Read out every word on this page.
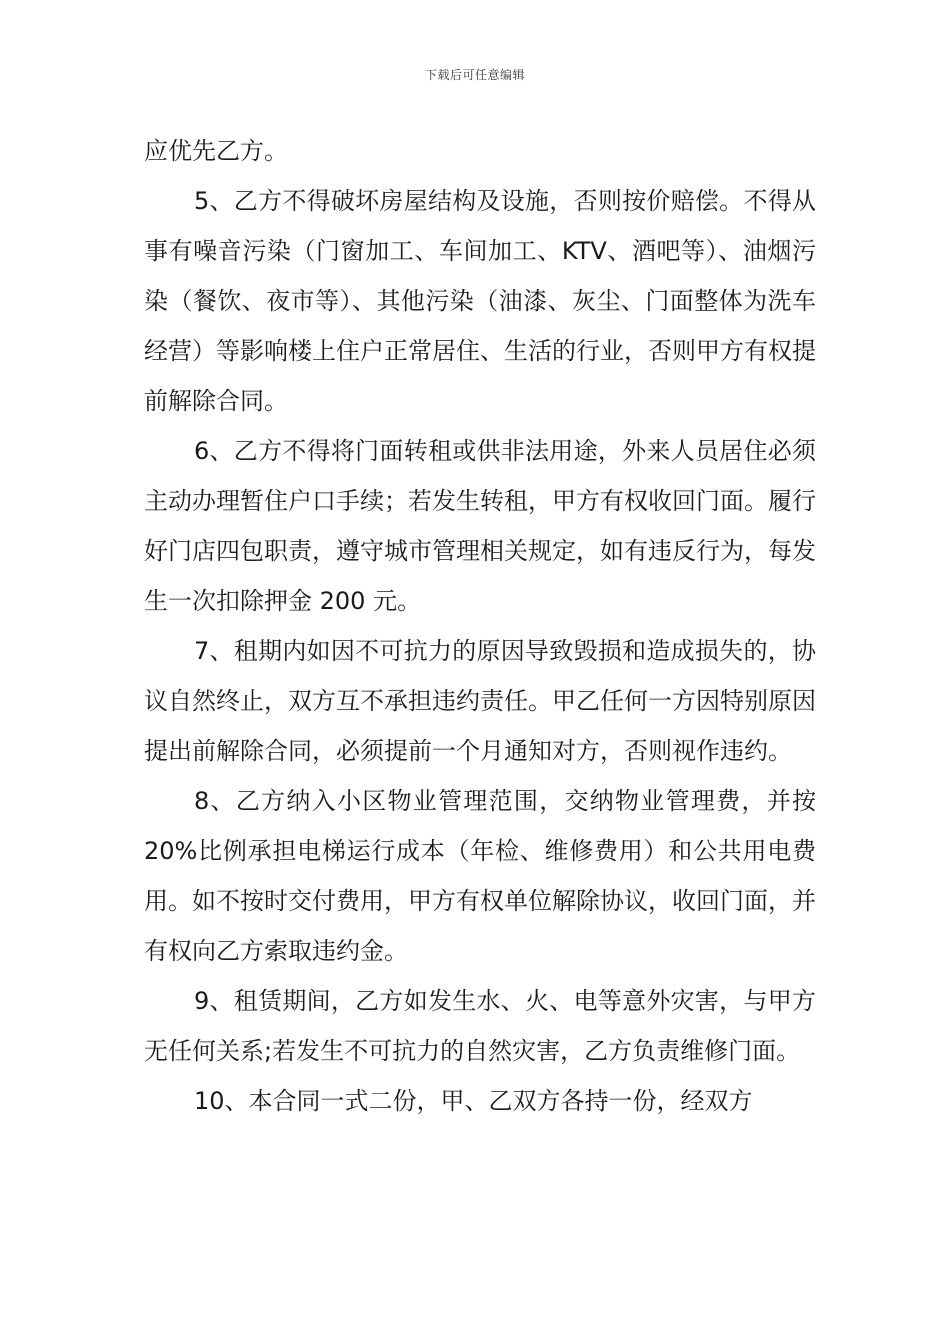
下载后可任意编辑

应优先乙方。

5、乙方不得破坏房屋结构及设施，否则按价赔偿。不得从事有噪音污染（门窗加工、车间加工、KTV、酒吧等）、油烟污染（餐饮、夜市等）、其他污染（油漆、灰尘、门面整体为洗车经营）等影响楼上住户正常居住、生活的行业，否则甲方有权提前解除合同。

6、乙方不得将门面转租或供非法用途，外来人员居住必须主动办理暂住户口手续；若发生转租，甲方有权收回门面。履行好门店四包职责，遵守城市管理相关规定，如有违反行为，每发生一次扣除押金 200 元。

7、租期内如因不可抗力的原因导致毁损和造成损失的，协议自然终止，双方互不承担违约责任。甲乙任何一方因特别原因提出前解除合同，必须提前一个月通知对方，否则视作违约。

8、乙方纳入小区物业管理范围，交纳物业管理费，并按 20%比例承担电梯运行成本（年检、维修费用）和公共用电费用。如不按时交付费用，甲方有权单位解除协议，收回门面，并有权向乙方索取违约金。

9、租赁期间，乙方如发生水、火、电等意外灾害，与甲方无任何关系;若发生不可抗力的自然灾害，乙方负责维修门面。

10、本合同一式二份，甲、乙双方各持一份，经双方
